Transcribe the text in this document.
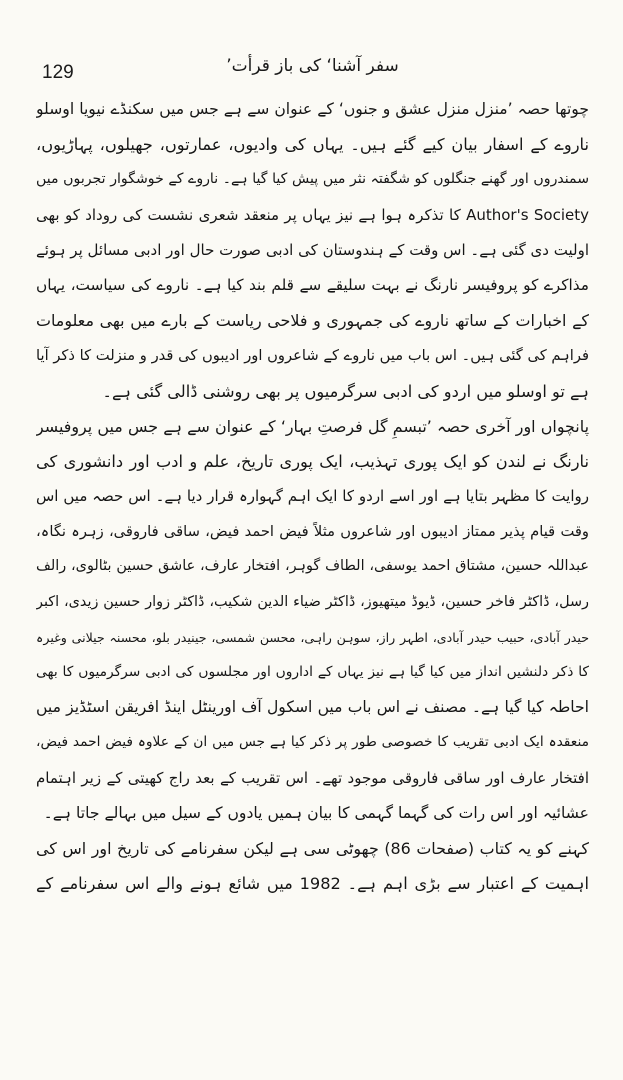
129	’سفر آشنا‘ کی باز قرأت
چوتھا حصہ ’منزل منزل عشق و جنوں‘ کے عنوان سے ہے جس میں سکنڈے نیویا اوسلو
ناروے کے اسفار بیان کیے گئے ہیں۔ یہاں کی وادیوں، عمارتوں، جھیلوں، پہاڑیوں،
سمندروں اور گھنے جنگلوں کو شگفتہ نثر میں پیش کیا گیا ہے۔ ناروے کے خوشگوار تجربوں میں
Author's Society کا تذکرہ ہوا ہے نیز یہاں پر منعقد شعری نشست کی روداد کو بھی
اولیت دی گئی ہے۔ اس وقت کے ہندوستان کی ادبی صورت حال اور ادبی مسائل پر ہوئے
مذاکرے کو پروفیسر نارنگ نے بہت سلیقے سے قلم بند کیا ہے۔ ناروے کی سیاست، یہاں
کے اخبارات کے ساتھ ناروے کی جمہوری و فلاحی ریاست کے بارے میں بھی معلومات
فراہم کی گئی ہیں۔ اس باب میں ناروے کے شاعروں اور ادیبوں کی قدر و منزلت کا ذکر آیا
ہے تو اوسلو میں اردو کی ادبی سرگرمیوں پر بھی روشنی ڈالی گئی ہے۔
پانچواں اور آخری حصہ ’تبسمِ گل فرصتِ بہار‘ کے عنوان سے ہے جس میں پروفیسر
نارنگ نے لندن کو ایک پوری تہذیب، ایک پوری تاریخ، علم و ادب اور دانشوری کی
روایت کا مظہر بتایا ہے اور اسے اردو کا ایک اہم گہوارہ قرار دیا ہے۔ اس حصہ میں اس
وقت قیام پذیر ممتاز ادیبوں اور شاعروں مثلاً فیض احمد فیض، ساقی فاروقی، زہرہ نگاہ،
عبداللہ حسین، مشتاق احمد یوسفی، الطاف گوہر، افتخار عارف، عاشق حسین بٹالوی، رالف
رسل، ڈاکٹر فاخر حسین، ڈیوڈ میتھیوز، ڈاکٹر ضیاء الدین شکیب، ڈاکٹر زوار حسین زیدی، اکبر
حیدر آبادی، حبیب حیدر آبادی، اطہر راز، سوہن راہی، محسن شمسی، جینیدر بلو، محسنہ جیلانی وغیرہ
کا ذکر دلنشیں انداز میں کیا گیا ہے نیز یہاں کے اداروں اور مجلسوں کی ادبی سرگرمیوں کا بھی
احاطہ کیا گیا ہے۔ مصنف نے اس باب میں اسکول آف اورینٹل اینڈ افریقن اسٹڈیز میں
منعقدہ ایک ادبی تقریب کا خصوصی طور پر ذکر کیا ہے جس میں ان کے علاوہ فیض احمد فیض،
افتخار عارف اور ساقی فاروقی موجود تھے۔ اس تقریب کے بعد راج کھیتی کے زیر اہتمام
عشائیہ اور اس رات کی گہما گہمی کا بیان ہمیں یادوں کے سیل میں بہالے جاتا ہے۔
کہنے کو یہ کتاب (صفحات 86) چھوٹی سی ہے لیکن سفرنامے کی تاریخ اور اس کی
اہمیت کے اعتبار سے بڑی اہم ہے۔ 1982 میں شائع ہونے والے اس سفرنامے کے
